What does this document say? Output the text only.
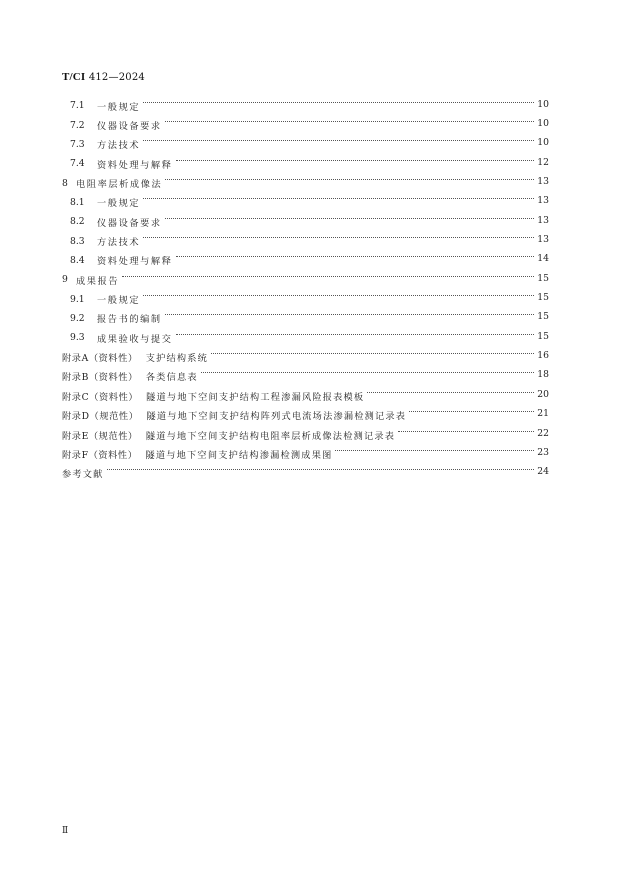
T/CI 412—2024
7.1	一般规定	10
7.2	仪器设备要求	10
7.3	方法技术	10
7.4	资料处理与解释	12
8 电阻率层析成像法	13
8.1	一般规定	13
8.2	仪器设备要求	13
8.3	方法技术	13
8.4	资料处理与解释	14
9 成果报告	15
9.1	一般规定	15
9.2	报告书的编制	15
9.3	成果验收与提交	15
附录A （资料性） 支护结构系统	16
附录B （资料性） 各类信息表	18
附录C （资料性） 隧道与地下空间支护结构工程渗漏风险报表模板	20
附录D （规范性） 隧道与地下空间支护结构阵列式电流场法渗漏检测记录表	21
附录E （规范性） 隧道与地下空间支护结构电阻率层析成像法检测记录表	22
附录F （资料性） 隧道与地下空间支护结构渗漏检测成果图	23
参考文献	24
Ⅱ
